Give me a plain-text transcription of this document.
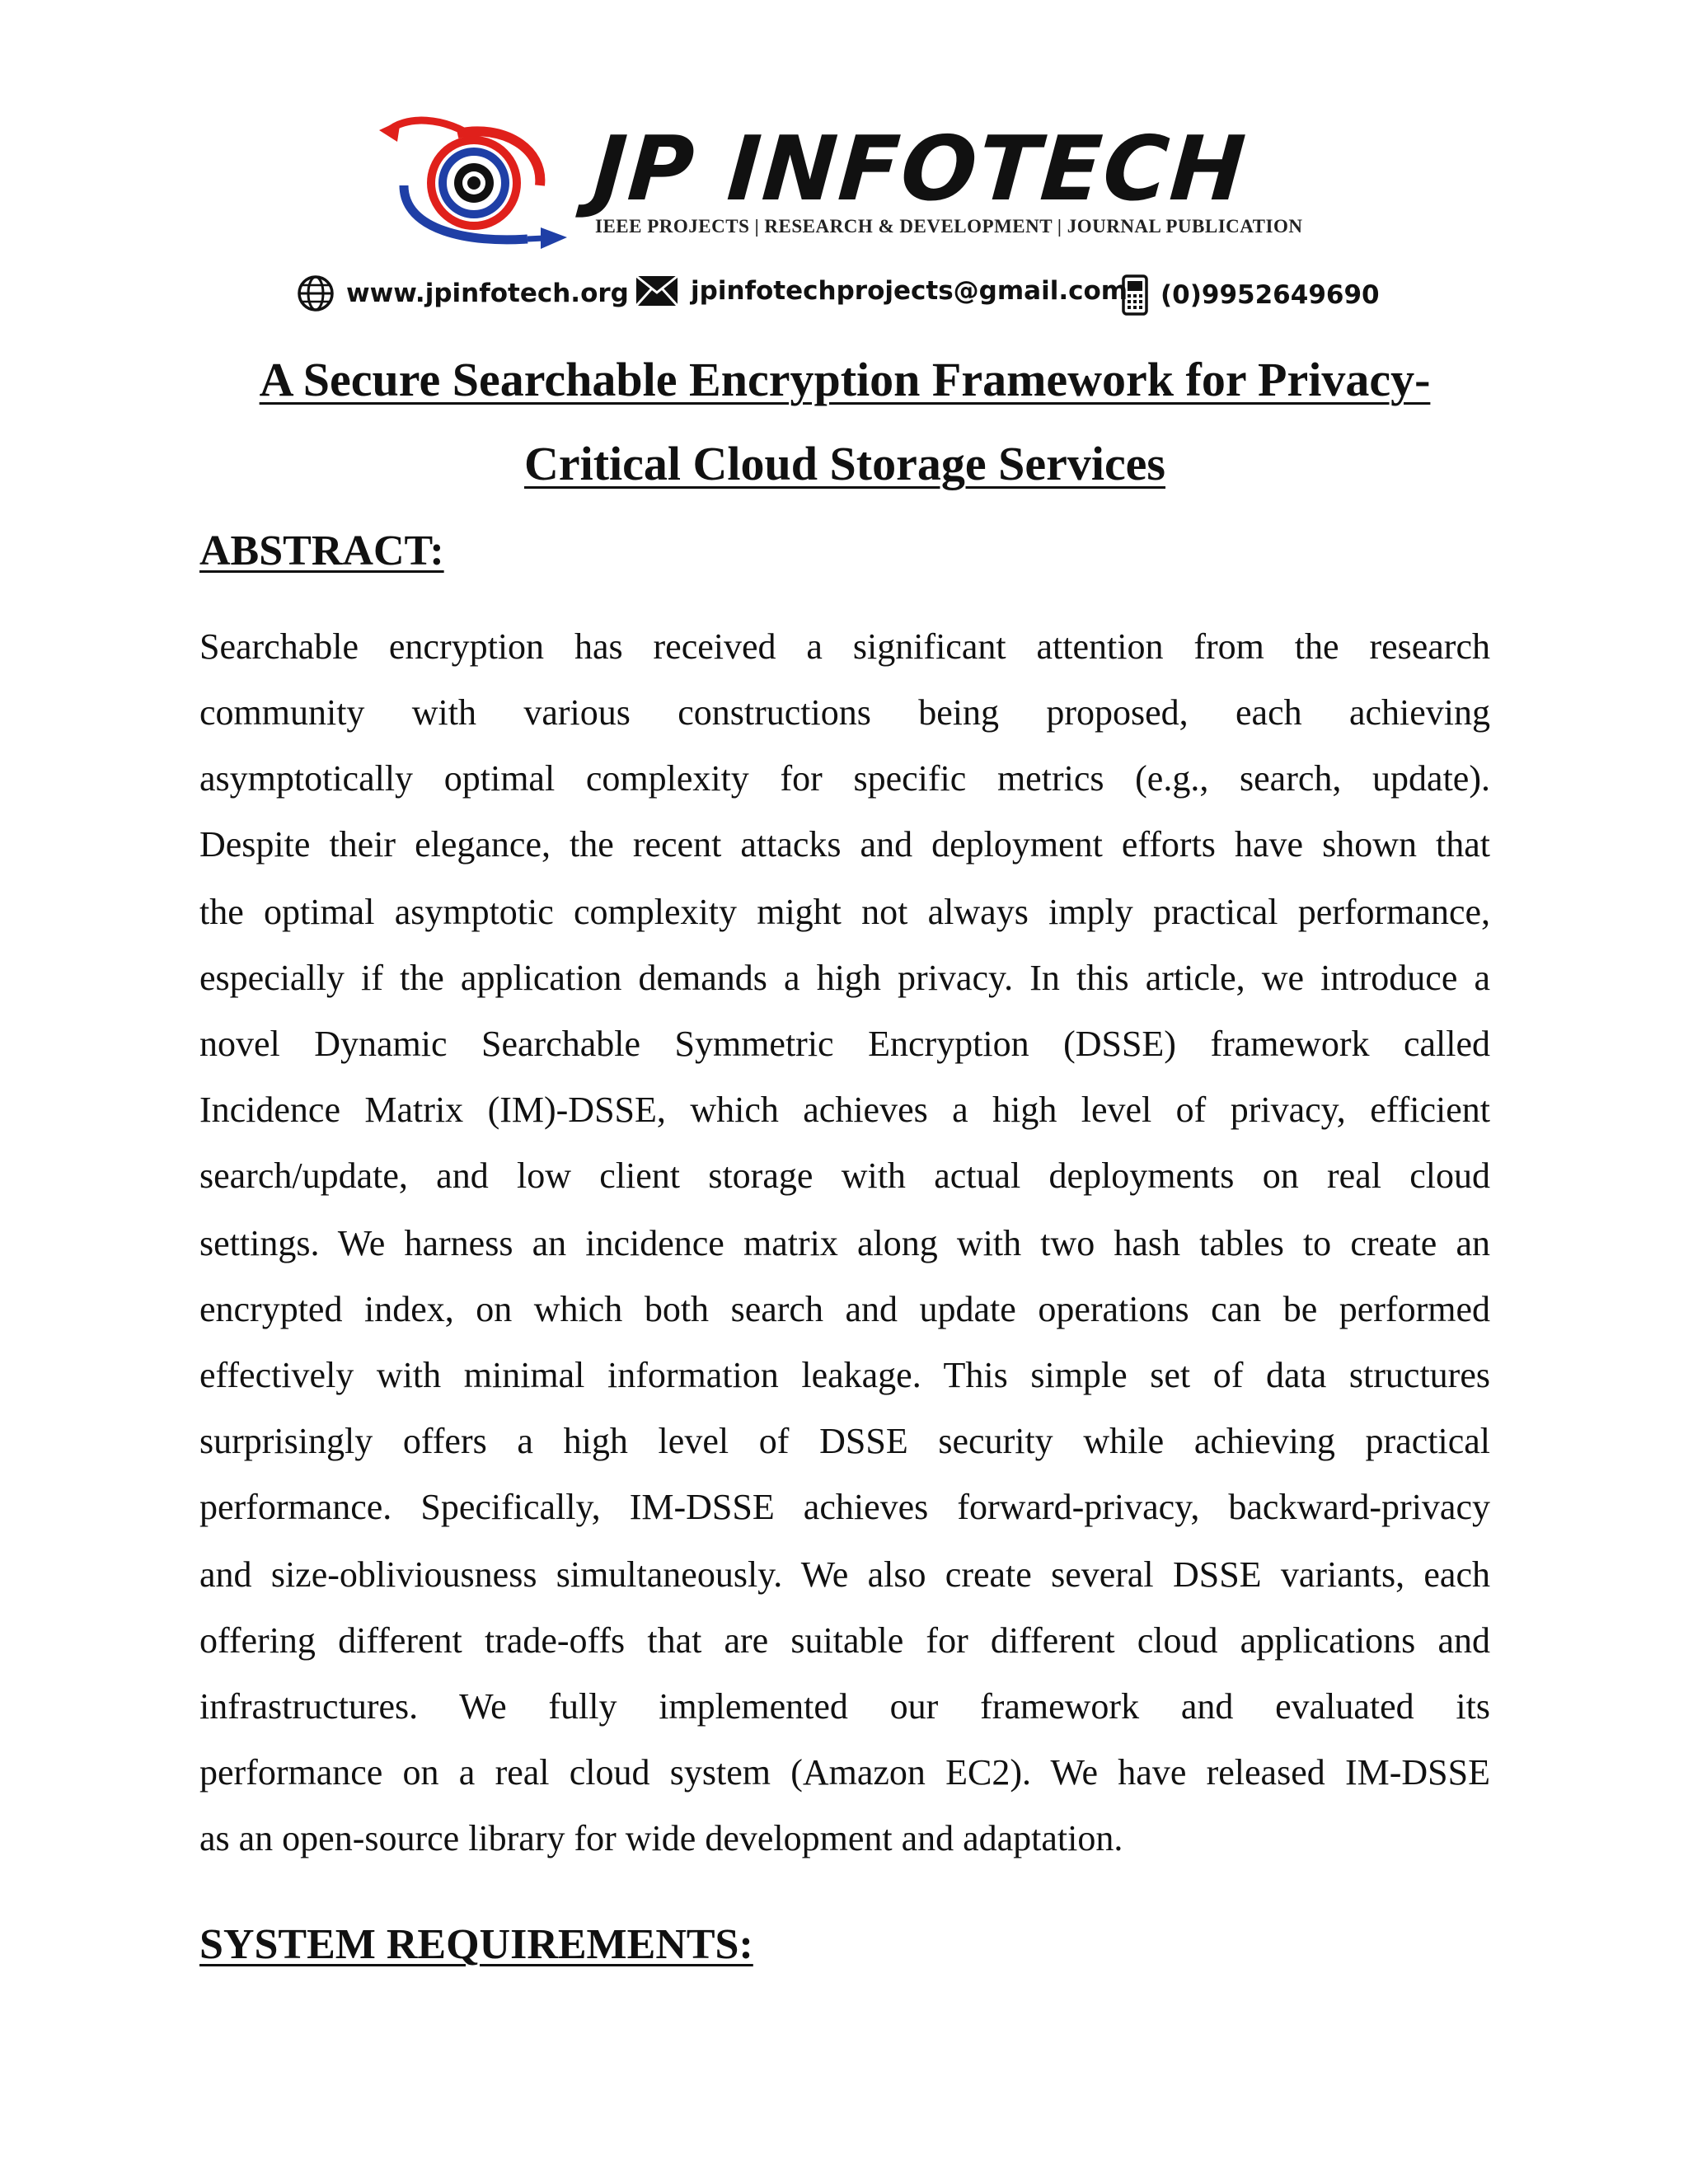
JP INFOTECH
IEEE PROJECTS | RESEARCH & DEVELOPMENT | JOURNAL PUBLICATION
www.jpinfotech.org jpinfotechprojects@gmail.com (0)9952649690
A Secure Searchable Encryption Framework for Privacy-
Critical Cloud Storage Services
ABSTRACT:
Searchable encryption has received a significant attention from the research
community with various constructions being proposed, each achieving
asymptotically optimal complexity for specific metrics (e.g., search, update).
Despite their elegance, the recent attacks and deployment efforts have shown that
the optimal asymptotic complexity might not always imply practical performance,
especially if the application demands a high privacy. In this article, we introduce a
novel Dynamic Searchable Symmetric Encryption (DSSE) framework called
Incidence Matrix (IM)-DSSE, which achieves a high level of privacy, efficient
search/update, and low client storage with actual deployments on real cloud
settings. We harness an incidence matrix along with two hash tables to create an
encrypted index, on which both search and update operations can be performed
effectively with minimal information leakage. This simple set of data structures
surprisingly offers a high level of DSSE security while achieving practical
performance. Specifically, IM-DSSE achieves forward-privacy, backward-privacy
and size-obliviousness simultaneously. We also create several DSSE variants, each
offering different trade-offs that are suitable for different cloud applications and
infrastructures. We fully implemented our framework and evaluated its
performance on a real cloud system (Amazon EC2). We have released IM-DSSE
as an open-source library for wide development and adaptation.
SYSTEM REQUIREMENTS:
